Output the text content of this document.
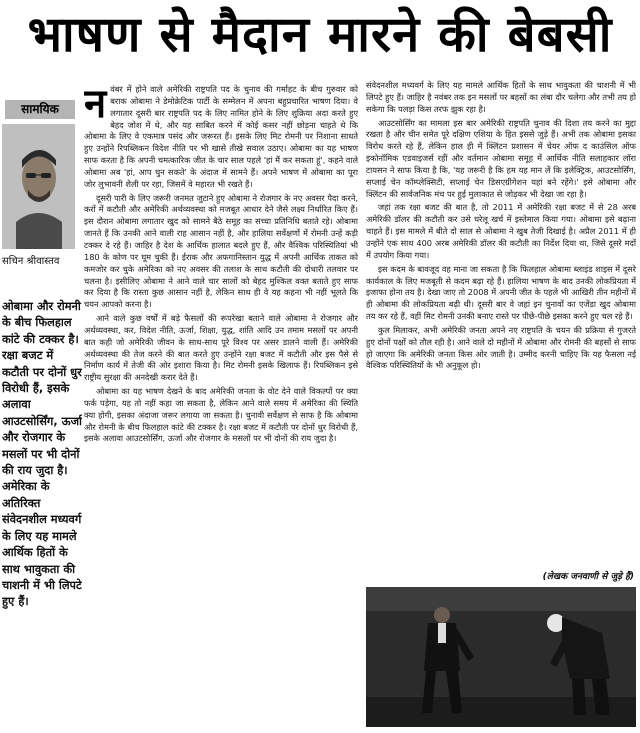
भाषण से मैदान मारने की बेबसी
सामयिक
सचिन श्रीवास्तव
ओबामा और रोमनी के बीच फिलहाल कांटे की टक्कर है। रक्षा बजट में कटौती पर दोनों धुर विरोधी हैं, इसके अलावा आउटसोर्सिंग, ऊर्जा और रोजगार के मसलों पर भी दोनों की राय जुदा है। अमेरिका के अतिरिक्त संवेदनशील मध्यवर्ग के लिए यह मामले आर्थिक हितों के साथ भावुकता की चाशनी में भी लिपटे हुए हैं।

नवंबर में होने वाले अमेरिकी राष्ट्रपति पद के चुनाव की गर्माहट के बीच गुरुवार को बराक ओबामा ने डेमोक्रेटिक पार्टी के सम्मेलन में अपना बहुप्रचारित भाषण दिया। वे लगातार दूसरी बार राष्ट्रपति पद के लिए नामित होने के लिए शुक्रिया अदा करते हुए बेहद जोश में थे, और यह साबित करने में कोई कसर नहीं छोड़ना चाहते थे कि ओबामा के लिए वे एकमात्र पसंद और जरूरत हैं। इसके लिए मिट रोमनी पर निशाना साधते हुए उन्होंने रिपब्लिकन विदेश नीति पर भी खासे तीखे सवाल उठाए। ओबामा का यह भाषण साफ करता है कि अपनी चमत्कारिक जीत के चार साल पहले 'हां मैं कर सकता हूं', कहने वाले ओबामा अब 'हां, आप चुन सकते' के अंदाज में सामने हैं। अपने भाषण में ओबामा का पूरा जोर लुभावनी शैली पर रहा, जिसमें वे महारत भी रखते हैं।

दूसरी पारी के लिए जरूरी जनमत जुटाने हुए ओबामा ने रोजगार के नए अवसर पैदा करने, करों में कटौती और अमेरिकी अर्थव्यवस्था को मजबूत आधार देने जैसे लक्ष्य निर्धारित किए हैं। इस दौरान ओबामा लगातार खुद को सामने बैठे समूह का सच्चा प्रतिनिधि बताते रहे। ओबामा जानते हैं कि उनकी आने वाली राह आसान नहीं है, और हालिया सर्वेक्षणों में रोमनी उन्हें कड़ी टक्कर दे रहे हैं। जाहिर है देश के आर्थिक हालात बदले हुए हैं, और वैश्विक परिस्थितियां भी 180 के कोण पर घूम चुकी हैं। ईराक और अफगानिस्तान युद्ध में अपनी आर्थिक ताकत को कमजोर कर चुके अमेरिका को नए अवसर की तलाश के साथ कटौती की दोधारी तलवार पर चलना है। इसीलिए ओबामा ने आने वाले चार सालों को बेहद मुश्किल वक्त बताते हुए साफ कर दिया है कि रास्ता कुछ आसान नहीं है, लेकिन साथ ही वे यह कहना भी नहीं भूलते कि चयन आपको करना है।

आने वाले कुछ वर्षों में बड़े फैसलों की रूपरेखा बताने वाले ओबामा ने रोजगार और अर्थव्यवस्था, कर, विदेश नीति, ऊर्जा, शिक्षा, युद्ध, शांति आदि उन तमाम मसलों पर अपनी बात कही जो अमेरिकी जीवन के साथ-साथ पूरे विश्व पर असर डालने वाली हैं। अमेरिकी अर्थव्यवस्था की तेज करने की बात करते हुए उन्होंने रक्षा बजट में कटौती और इस पैसे से निर्माण कार्य में तेजी की ओर इशारा किया है। मिट रोमनी इसके खिलाफ हैं। रिपब्लिकन इसे राष्ट्रीय सुरक्षा की अनदेखी करार देते हैं।

ओबामा का यह भाषण देखने के बाद अमेरिकी जनता के वोट देने वाले विकल्पों पर क्या फर्क पड़ेगा, यह तो नहीं कहा जा सकता है, लेकिन आने वाले समय में अमेरिका की स्थिति क्या होगी, इसका अंदाजा जरूर लगाया जा सकता है। चुनावी सर्वेक्षण से साफ है कि ओबामा और रोमनी के बीच फिलहाल कांटे की टक्कर है। रक्षा बजट में कटौती पर दोनों धुर विरोधी हैं, इसके अलावा आउटसोर्सिंग, ऊर्जा और रोजगार के मसलों पर भी दोनों की राय जुदा है।

संवेदनशील मध्यवर्ग के लिए यह मामले आर्थिक हितों के साथ भावुकता की चाशनी में भी लिपटे हुए हैं। जाहिर है नवंबर तक इन मसलों पर बहसों का लंबा दौर चलेगा और तभी तय हो सकेगा कि पलड़ा किस तरफ झुक रहा है।

आउटसोर्सिंग का मामला इस बार अमेरिकी राष्ट्रपति चुनाव की दिशा तय करने का मुद्दा रखता है और चीन समेत पूरे दक्षिण एशिया के हित इससे जुड़े हैं। अभी तक ओबामा इसका विरोध करते रहे हैं, लेकिन हाल ही में क्लिंटन प्रशासन में चेयर ऑफ द काउंसिल ऑफ इकोनॉमिक एडवाइजर्स रहीं और वर्तमान ओबामा समूह में आर्थिक नीति सलाहकार लॉरा टायसन ने साफ किया है कि, 'यह जरूरी है कि हम यह मान लें कि इलेक्ट्रिक, आउटसोर्सिंग, सप्लाई चेन कॉम्प्लेक्सिटी, सप्लाई चेन डिसएग्रीगेशन यहां बने रहेंगे।' इसे ओबामा और क्लिंटन की सार्वजनिक मंच पर हुई मुलाकात से जोड़कर भी देखा जा रहा है।

जहां तक रक्षा बजट की बात है, तो 2011 में अमेरिकी रक्षा बजट में से 28 अरब अमेरिकी डॉलर की कटौती कर उसे घरेलू खर्च में इस्तेमाल किया गया। ओबामा इसे बढ़ाना चाहते हैं। इस मामले में बीते दो साल से ओबामा ने खुब तेजी दिखाई है। अप्रैल 2011 में ही उन्होंने एक साथ 400 अरब अमेरिकी डॉलर की कटौती का निर्देश दिया था, जिसे दूसरे मदों में उपयोग किया गया।

इस कदम के बावजूद वह माना जा सकता है कि फिलहाल ओबामा ब्लाइंड शाइस में दूसरे कार्यकाल के लिए मजबूती से कदम बढ़ा रहे हैं। हालिया भाषण के बाद उनकी लोकप्रियता में इजाफा होना तय है। देखा जाए तो 2008 में अपनी जीत के पहले भी आखिरी तीन महीनों में ही ओबामा की लोकप्रियता बढ़ी थी। दूसरी बार वे जहां इन चुनावों का एजेंडा खुद ओबामा तय कर रहे हैं, वहीं मिट रोमनी उनकी बनाए रास्ते पर पीछे-पीछे इसका करने हुए चल रहे हैं।

कुल मिलाकर, अभी अमेरिकी जनता अपने नए राष्ट्रपति के चयन की प्रक्रिया से गुजरते हुए दोनों पक्षों को तौल रही है। आने वाले दो महीनों में ओबामा और रोमनी की बहसों से साफ हो जाएगा कि अमेरिकी जनता किस ओर जाती है। उम्मीद करनी चाहिए कि यह फैसला नई वैश्विक परिस्थितियों के भी अनुकूल हो।

(लेखक जनवाणी से जुड़े हैं)
